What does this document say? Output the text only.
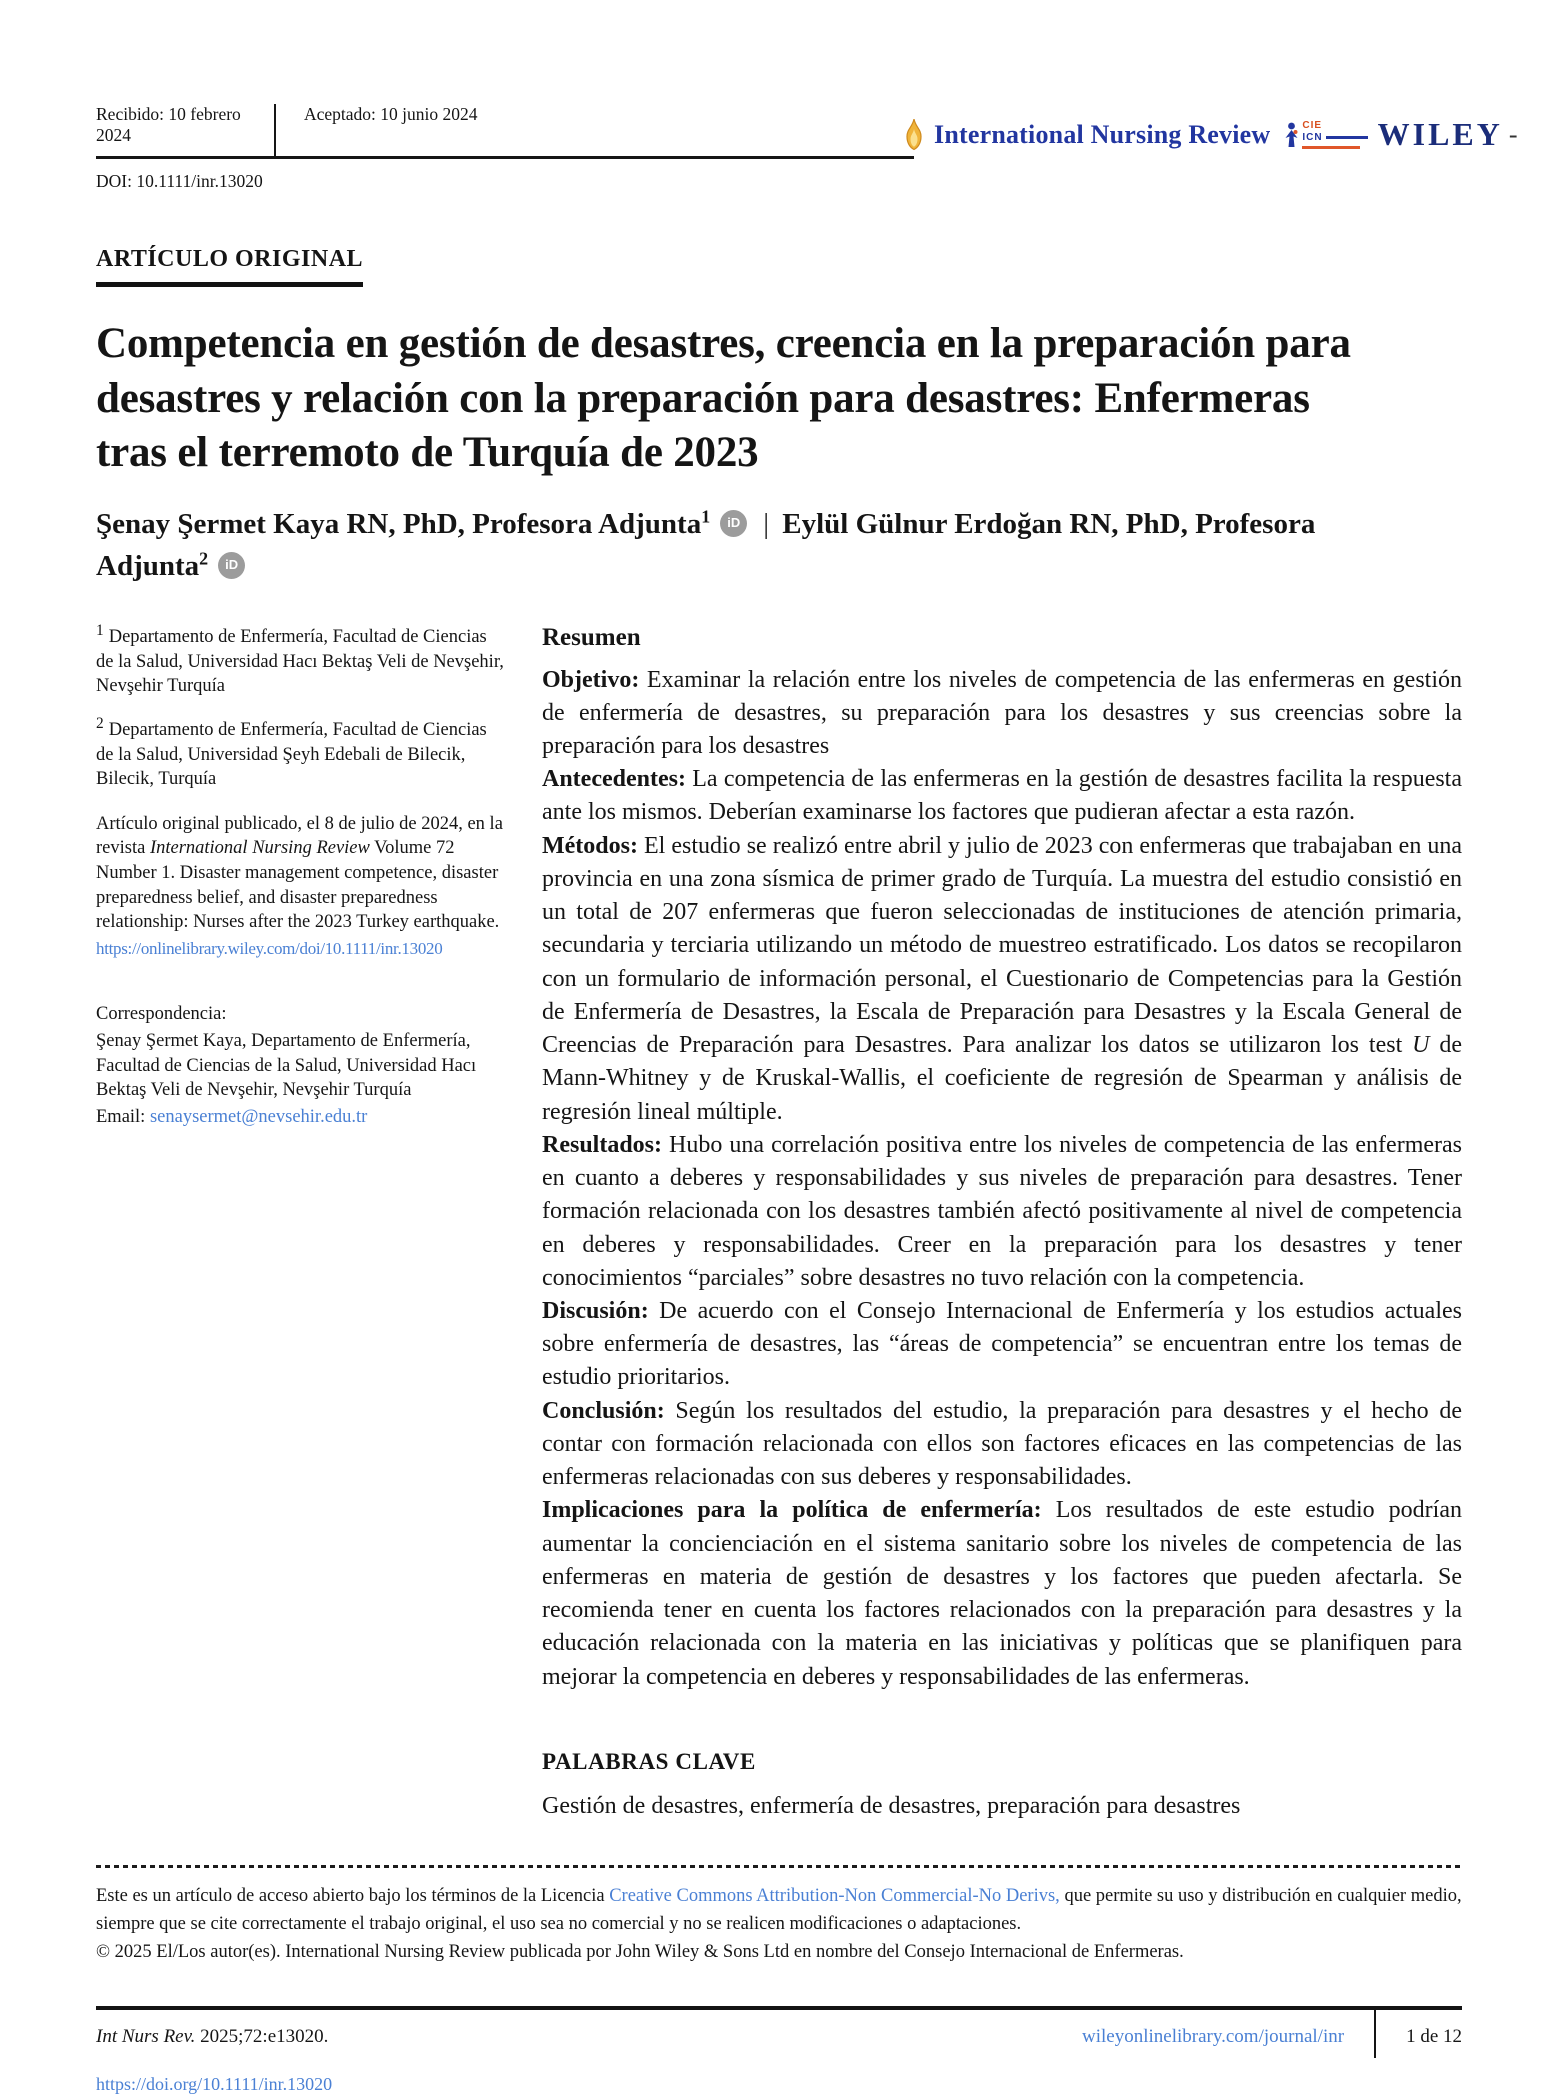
Recibido: 10 febrero 2024
Aceptado: 10 junio 2024
DOI: 10.1111/inr.13020
International Nursing Review	CIE
ICN WILEY -
ARTÍCULO ORIGINAL
Competencia en gestión de desastres, creencia en la preparación para desastres y relación con la preparación para desastres: Enfermeras tras el terremoto de Turquía de 2023
Şenay Şermet Kaya RN, PhD, Profesora Adjunta$^1$ iD | Eylül Gülnur Erdoğan RN, PhD, Profesora Adjunta$^2$ iD

$^1$ Departamento de Enfermería, Facultad de Ciencias de la Salud, Universidad Hacı Bektaş Veli de Nevşehir, Nevşehir Turquía

$^2$ Departamento de Enfermería, Facultad de Ciencias de la Salud, Universidad Şeyh Edebali de Bilecik, Bilecik, Turquía

Artículo original publicado, el 8 de julio de 2024, en la revista International Nursing Review Volume 72 Number 1. Disaster management competence, disaster preparedness belief, and disaster preparedness relationship: Nurses after the 2023 Turkey earthquake.

https://onlinelibrary.wiley.com/doi/10.1111/inr.13020

Correspondencia:

Şenay Şermet Kaya, Departamento de Enfermería, Facultad de Ciencias de la Salud, Universidad Hacı Bektaş Veli de Nevşehir, Nevşehir Turquía

Email: senaysermet@nevsehir.edu.tr

Resumen

Objetivo: Examinar la relación entre los niveles de competencia de las enfermeras en gestión de enfermería de desastres, su preparación para los desastres y sus creencias sobre la preparación para los desastres

Antecedentes: La competencia de las enfermeras en la gestión de desastres facilita la respuesta ante los mismos. Deberían examinarse los factores que pudieran afectar a esta razón.

Métodos: El estudio se realizó entre abril y julio de 2023 con enfermeras que trabajaban en una provincia en una zona sísmica de primer grado de Turquía. La muestra del estudio consistió en un total de 207 enfermeras que fueron seleccionadas de instituciones de atención primaria, secundaria y terciaria utilizando un método de muestreo estratificado. Los datos se recopilaron con un formulario de información personal, el Cuestionario de Competencias para la Gestión de Enfermería de Desastres, la Escala de Preparación para Desastres y la Escala General de Creencias de Preparación para Desastres. Para analizar los datos se utilizaron los test U de Mann-Whitney y de Kruskal-Wallis, el coeficiente de regresión de Spearman y análisis de regresión lineal múltiple.

Resultados: Hubo una correlación positiva entre los niveles de competencia de las enfermeras en cuanto a deberes y responsabilidades y sus niveles de preparación para desastres. Tener formación relacionada con los desastres también afectó positivamente al nivel de competencia en deberes y responsabilidades. Creer en la preparación para los desastres y tener conocimientos “parciales” sobre desastres no tuvo relación con la competencia.

Discusión: De acuerdo con el Consejo Internacional de Enfermería y los estudios actuales sobre enfermería de desastres, las “áreas de competencia” se encuentran entre los temas de estudio prioritarios.

Conclusión: Según los resultados del estudio, la preparación para desastres y el hecho de contar con formación relacionada con ellos son factores eficaces en las competencias de las enfermeras relacionadas con sus deberes y responsabilidades.

Implicaciones para la política de enfermería: Los resultados de este estudio podrían aumentar la concienciación en el sistema sanitario sobre los niveles de competencia de las enfermeras en materia de gestión de desastres y los factores que pueden afectarla. Se recomienda tener en cuenta los factores relacionados con la preparación para desastres y la educación relacionada con la materia en las iniciativas y políticas que se planifiquen para mejorar la competencia en deberes y responsabilidades de las enfermeras.

PALABRAS CLAVE

Gestión de desastres, enfermería de desastres, preparación para desastres

Este es un artículo de acceso abierto bajo los términos de la Licencia Creative Commons Attribution-Non Commercial-No Derivs, que permite su uso y distribución en cualquier medio, siempre que se cite correctamente el trabajo original, el uso sea no comercial y no se realicen modificaciones o adaptaciones.

© 2025 El/Los autor(es). International Nursing Review publicada por John Wiley & Sons Ltd en nombre del Consejo Internacional de Enfermeras.

Int Nurs Rev. 2025;72:e13020.	wileyonlinelibrary.com/journal/inr	1 de 12
https://doi.org/10.1111/inr.13020
